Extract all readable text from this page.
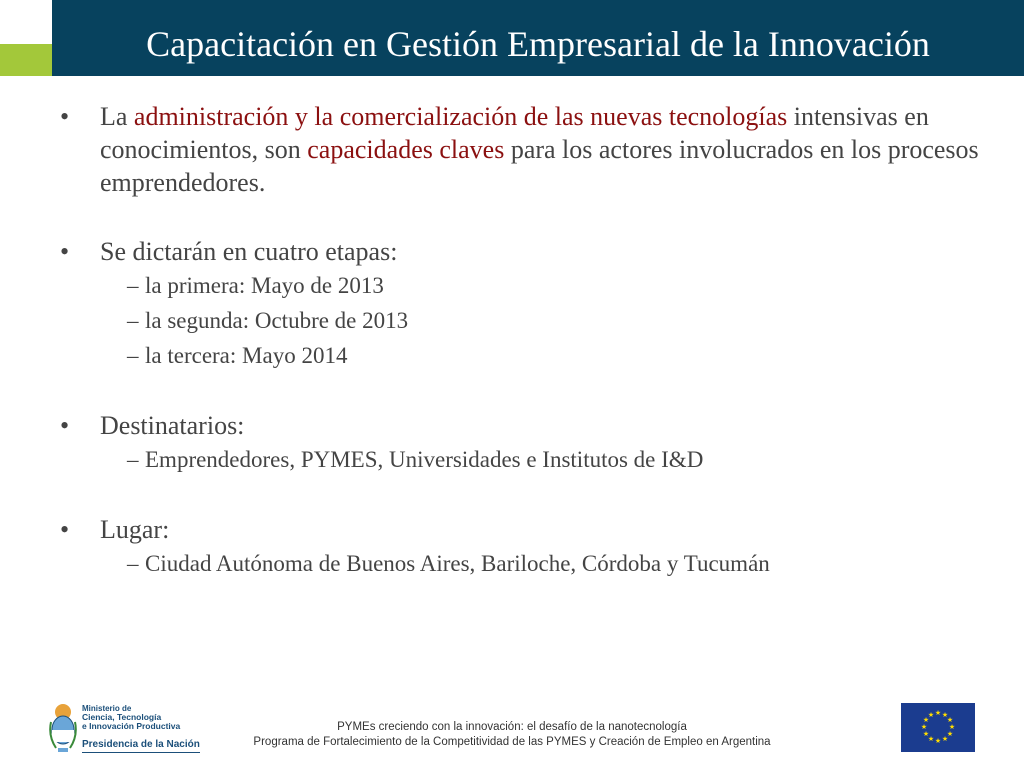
Capacitación en Gestión Empresarial de la Innovación
• La administración y la comercialización de las nuevas tecnologías intensivas en conocimientos, son capacidades claves para los actores involucrados en los procesos emprendedores.
• Se dictarán en cuatro etapas:
– la primera: Mayo de 2013
– la segunda: Octubre de 2013
– la tercera: Mayo 2014
• Destinatarios:
– Emprendedores, PYMES, Universidades e Institutos de I&D
• Lugar:
– Ciudad Autónoma de Buenos Aires, Bariloche, Córdoba y Tucumán
Ministerio de
Ciencia, Tecnología
e Innovación Productiva
Presidencia de la Nación
PYMEs creciendo con la innovación: el desafío de la nanotecnología
Programa de Fortalecimiento de la Competitividad de las PYMES y Creación de Empleo en Argentina
★ ★
★
★
★
★
★
★
★
★
★
★
